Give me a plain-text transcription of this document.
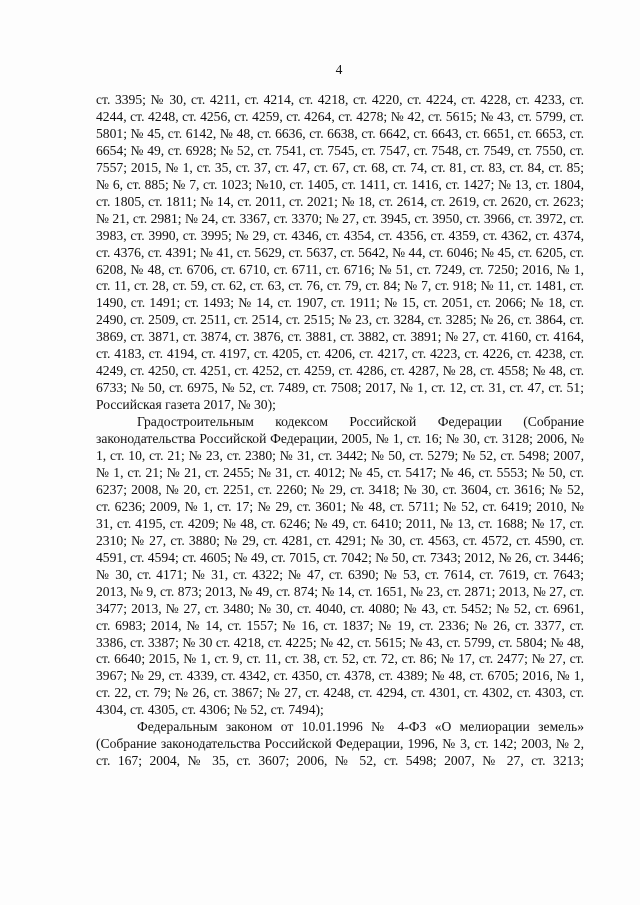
4

ст. 3395; № 30, ст. 4211, ст. 4214, ст. 4218, ст. 4220, ст. 4224, ст. 4228, ст. 4233, ст. 4244, ст. 4248, ст. 4256, ст. 4259, ст. 4264, ст. 4278; № 42, ст. 5615; № 43, ст. 5799, ст. 5801; № 45, ст. 6142, № 48, ст. 6636, ст. 6638, ст. 6642, ст. 6643, ст. 6651, ст. 6653, ст. 6654; № 49, ст. 6928; № 52, ст. 7541, ст. 7545, ст. 7547, ст. 7548, ст. 7549, ст. 7550, ст. 7557; 2015, № 1, ст. 35, ст. 37, ст. 47, ст. 67, ст. 68, ст. 74, ст. 81, ст. 83, ст. 84, ст. 85; № 6, ст. 885; № 7, ст. 1023; №10, ст. 1405, ст. 1411, ст. 1416, ст. 1427; № 13, ст. 1804, ст. 1805, ст. 1811; № 14, ст. 2011, ст. 2021; № 18, ст. 2614, ст. 2619, ст. 2620, ст. 2623; № 21, ст. 2981; № 24, ст. 3367, ст. 3370; № 27, ст. 3945, ст. 3950, ст. 3966, ст. 3972, ст. 3983, ст. 3990, ст. 3995; № 29, ст. 4346, ст. 4354, ст. 4356, ст. 4359, ст. 4362, ст. 4374, ст. 4376, ст. 4391; № 41, ст. 5629, ст. 5637, ст. 5642, № 44, ст. 6046; № 45, ст. 6205, ст. 6208, № 48, ст. 6706, ст. 6710, ст. 6711, ст. 6716; № 51, ст. 7249, ст. 7250; 2016, № 1, ст. 11, ст. 28, ст. 59, ст. 62, ст. 63, ст. 76, ст. 79, ст. 84; № 7, ст. 918; № 11, ст. 1481, ст. 1490, ст. 1491; ст. 1493; № 14, ст. 1907, ст. 1911; № 15, ст. 2051, ст. 2066; № 18, ст. 2490, ст. 2509, ст. 2511, ст. 2514, ст. 2515; № 23, ст. 3284, ст. 3285; № 26, ст. 3864, ст. 3869, ст. 3871, ст. 3874, ст. 3876, ст. 3881, ст. 3882, ст. 3891; № 27, ст. 4160, ст. 4164, ст. 4183, ст. 4194, ст. 4197, ст. 4205, ст. 4206, ст. 4217, ст. 4223, ст. 4226, ст. 4238, ст. 4249, ст. 4250, ст. 4251, ст. 4252, ст. 4259, ст. 4286, ст. 4287, № 28, ст. 4558; № 48, ст. 6733; № 50, ст. 6975, № 52, ст. 7489, ст. 7508; 2017, № 1, ст. 12, ст. 31, ст. 47, ст. 51; Российская газета 2017, № 30);

Градостроительным кодексом Российской Федерации (Собрание законодательства Российской Федерации, 2005, № 1, ст. 16; № 30, ст. 3128; 2006, № 1, ст. 10, ст. 21; № 23, ст. 2380; № 31, ст. 3442; № 50, ст. 5279; № 52, ст. 5498; 2007, № 1, ст. 21; № 21, ст. 2455; № 31, ст. 4012; № 45, ст. 5417; № 46, ст. 5553; № 50, ст. 6237; 2008, № 20, ст. 2251, ст. 2260; № 29, ст. 3418; № 30, ст. 3604, ст. 3616; № 52, ст. 6236; 2009, № 1, ст. 17; № 29, ст. 3601; № 48, ст. 5711; № 52, ст. 6419; 2010, № 31, ст. 4195, ст. 4209; № 48, ст. 6246; № 49, ст. 6410; 2011, № 13, ст. 1688; № 17, ст. 2310; № 27, ст. 3880; № 29, ст. 4281, ст. 4291; № 30, ст. 4563, ст. 4572, ст. 4590, ст. 4591, ст. 4594; ст. 4605; № 49, ст. 7015, ст. 7042; № 50, ст. 7343; 2012, № 26, ст. 3446; № 30, ст. 4171; № 31, ст. 4322; № 47, ст. 6390; № 53, ст. 7614, ст. 7619, ст. 7643; 2013, № 9, ст. 873; 2013, № 49, ст. 874; № 14, ст. 1651, № 23, ст. 2871; 2013, № 27, ст. 3477; 2013, № 27, ст. 3480; № 30, ст. 4040, ст. 4080; № 43, ст. 5452; № 52, ст. 6961, ст. 6983; 2014, № 14, ст. 1557; № 16, ст. 1837; № 19, ст. 2336; № 26, ст. 3377, ст. 3386, ст. 3387; № 30 ст. 4218, ст. 4225; № 42, ст. 5615; № 43, ст. 5799, ст. 5804; № 48, ст. 6640; 2015, № 1, ст. 9, ст. 11, ст. 38, ст. 52, ст. 72, ст. 86; № 17, ст. 2477; № 27, ст. 3967; № 29, ст. 4339, ст. 4342, ст. 4350, ст. 4378, ст. 4389; № 48, ст. 6705; 2016, № 1, ст. 22, ст. 79; № 26, ст. 3867; № 27, ст. 4248, ст. 4294, ст. 4301, ст. 4302, ст. 4303, ст. 4304, ст. 4305, ст. 4306; № 52, ст. 7494);

Федеральным законом от 10.01.1996 № 4-ФЗ «О мелиорации земель» (Собрание законодательства Российской Федерации, 1996, № 3, ст. 142; 2003, № 2, ст. 167; 2004, № 35, ст. 3607; 2006, № 52, ст. 5498; 2007, № 27, ст. 3213;
